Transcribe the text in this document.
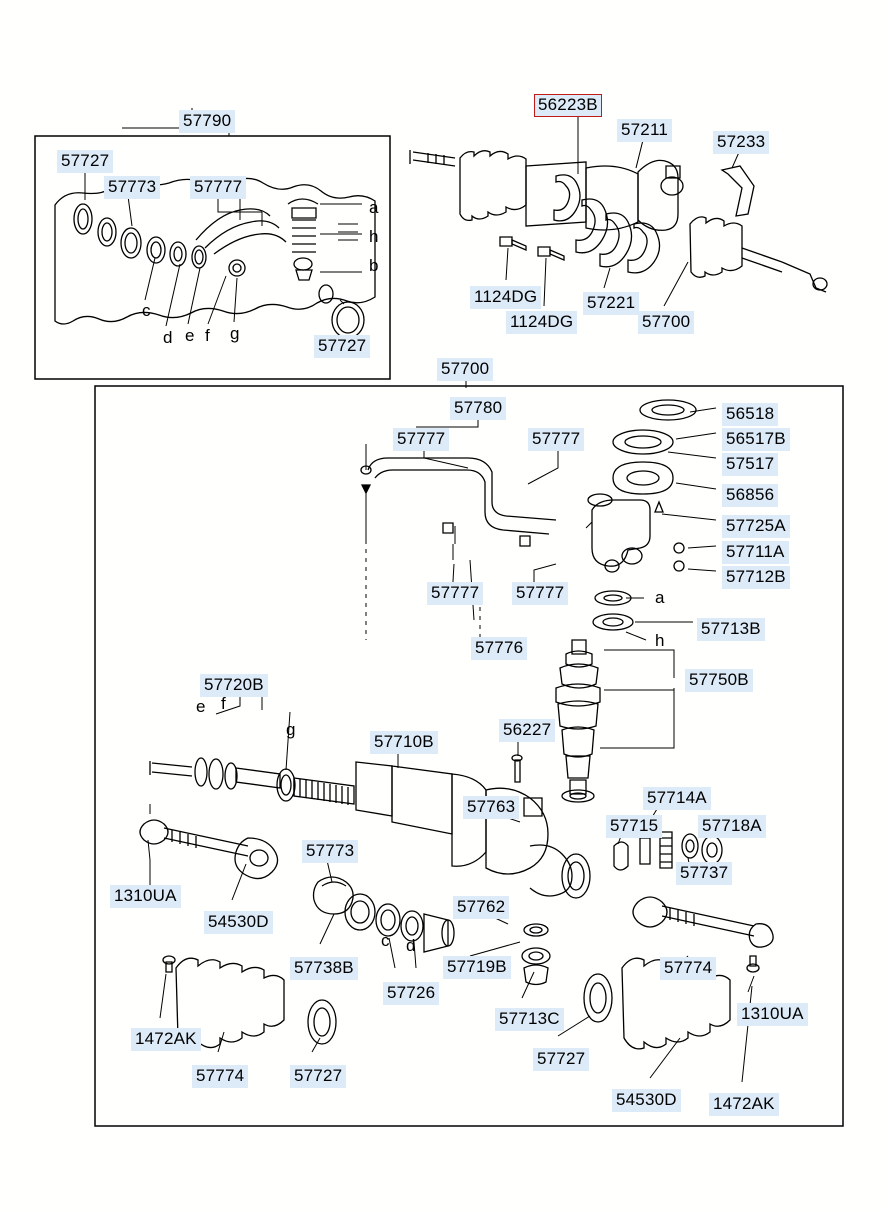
57790
57727
57773 57777
57727
56223B
57211
57233
1124DG
1124DG
57221
57700
57700
57780
57777	57777
56518
56517B
57517
56856
57725A
57711A
57712B
57777 57777
57776
57713B
57750B
57720B
57710B
56227
57714A
57718A
57715
57763
57773
57737
1310UA
54530D
57762
57738B
57726
57719B
57713C
57774
1310UA
1472AK
57774	57727
57727
54530D 1472AK
a
h
b
c
d e f g
a
h
e f
g
c d
